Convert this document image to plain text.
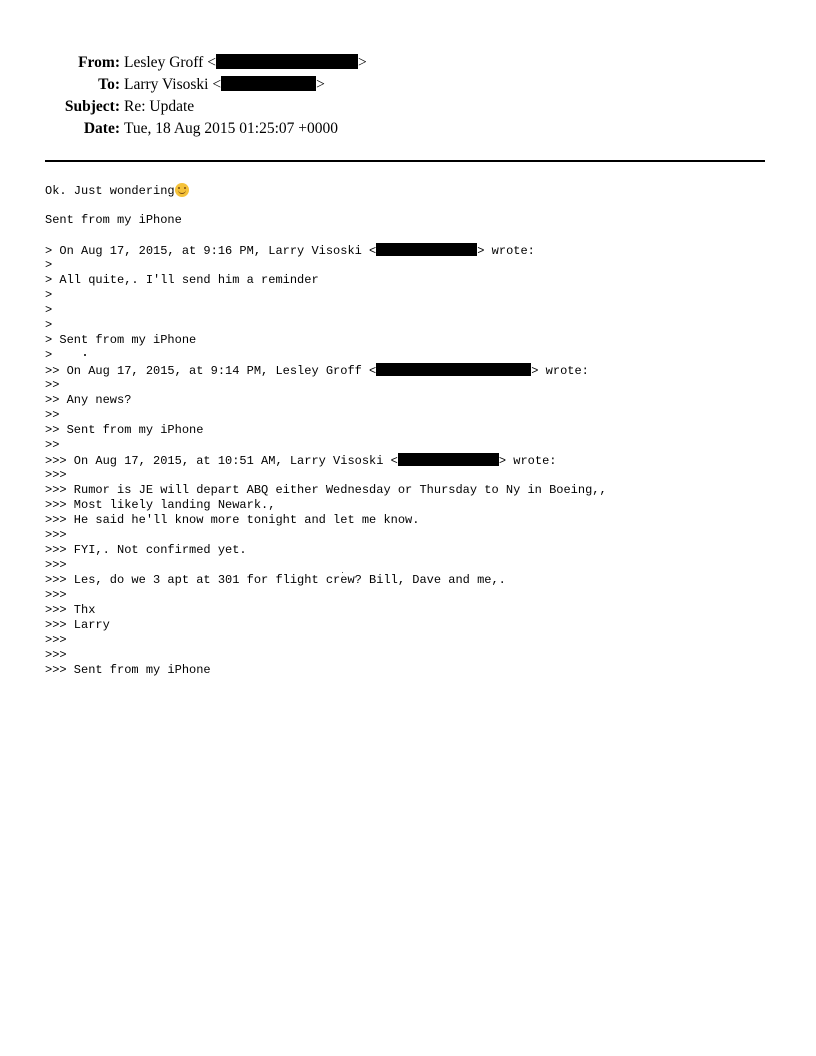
From: Lesley Groff <	>
To: Larry Visoski <	>
Subject: Re: Update
Date: Tue, 18 Aug 2015 01:25:07 +0000
Ok. Just wondering
Sent from my iPhone
> On Aug 17, 2015, at 9:16 PM, Larry Visoski <	> wrote:
>
> All quite,. I'll send him a reminder
>
>
>
> Sent from my iPhone
>
>> On Aug 17, 2015, at 9:14 PM, Lesley Groff <	> wrote:
>>
>> Any news?
>>
>> Sent from my iPhone
>>
>>> On Aug 17, 2015, at 10:51 AM, Larry Visoski <	> wrote:
>>>
>>> Rumor is JE will depart ABQ either Wednesday or Thursday to Ny in Boeing,,
>>> Most likely landing Newark.,
>>> He said he'll know more tonight and let me know.
>>>
>>> FYI,. Not confirmed yet.
>>>
>>> Les, do we 3 apt at 301 for flight crew? Bill, Dave and me,.
>>>
>>> Thx
>>> Larry
>>>
>>>
>>> Sent from my iPhone
